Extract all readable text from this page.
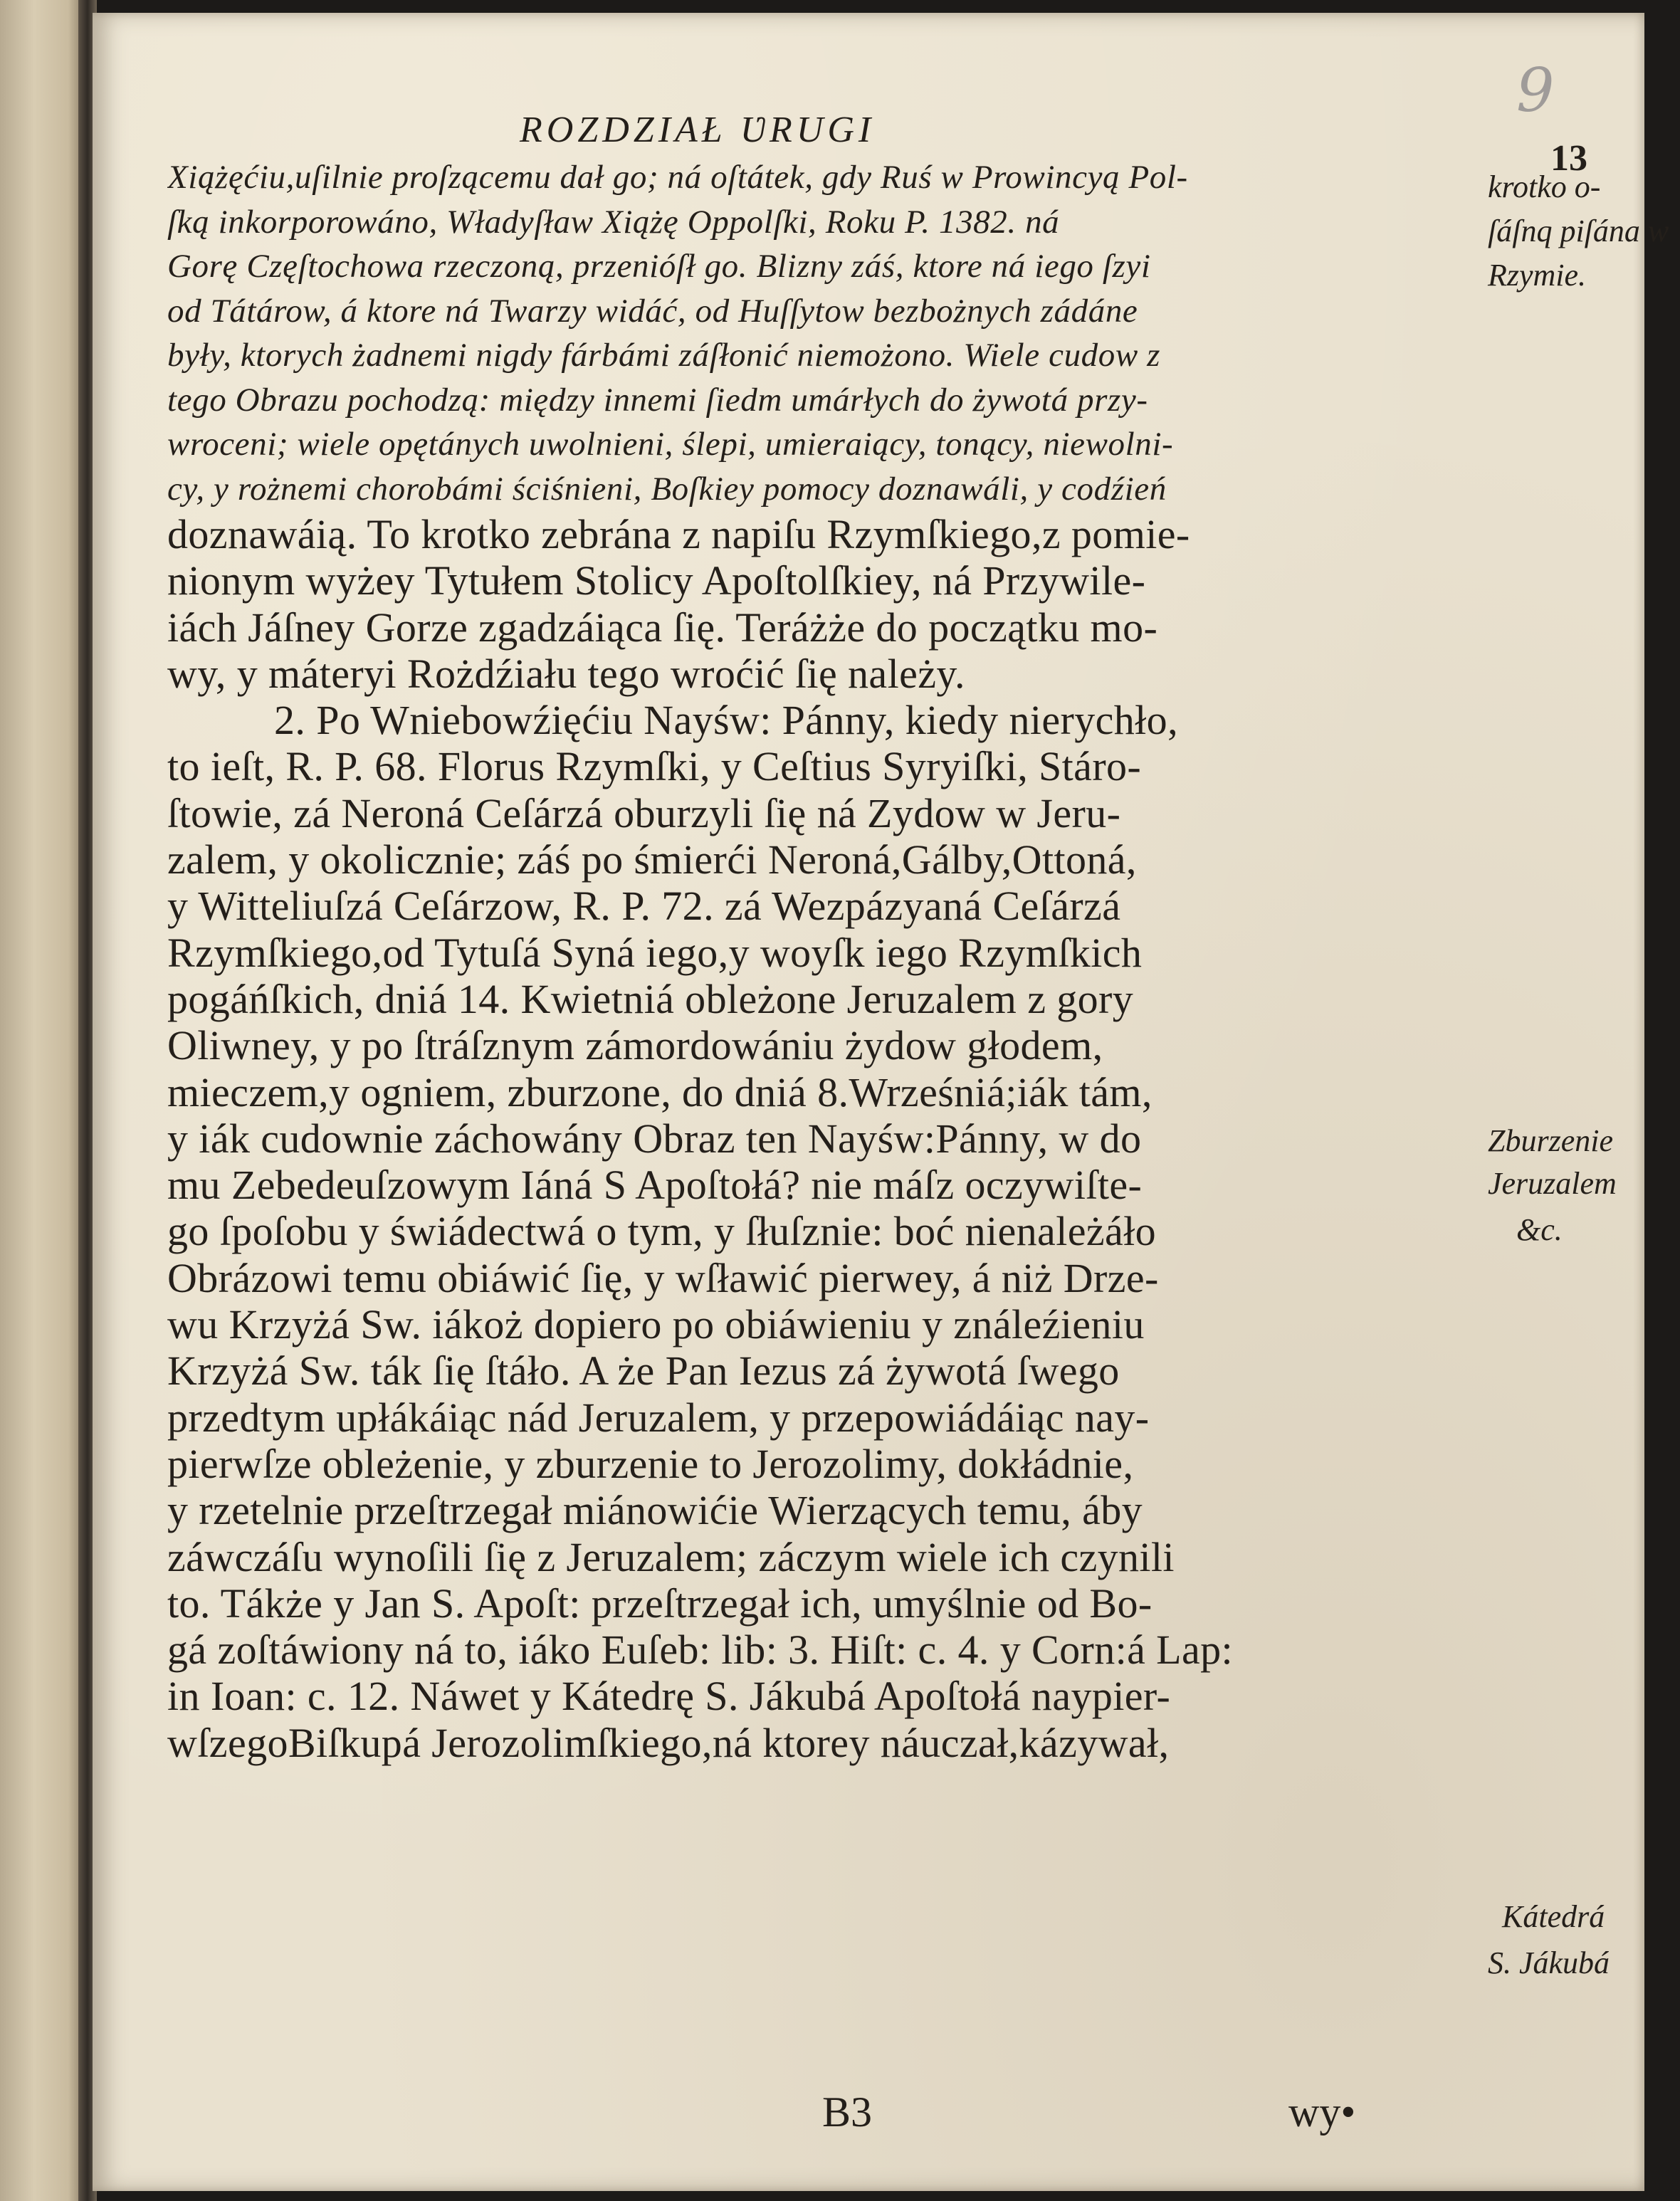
9
ROZDZIAŁ ƲRUGI
13
Xiążęćiu,uſilnie proſzącemu dał go; ná oſtátek, gdy Ruś w Prowincyą Pol-
ſką inkorporowáno, Władyſław Xiążę Oppolſki, Roku P. 1382. ná
Gorę Częſtochowa rzeczoną, przenióſł go. Blizny záś, ktore ná iego ſzyi
od Tátárow, á ktore ná Twarzy widáć, od Huſſytow bezbożnych zádáne
były, ktorych żadnemi nigdy fárbámi záſłonić niemożono. Wiele cudow z
tego Obrazu pochodzą: między innemi ſiedm umárłych do żywotá przy-
wroceni; wiele opętánych uwolnieni, ślepi, umieraiący, tonący, niewolni-
cy, y rożnemi chorobámi ściśnieni, Boſkiey pomocy doznawáli, y codźień
doznawáią. To krotko zebrána z napiſu Rzymſkiego,z pomie-
nionym wyżey Tytułem Stolicy Apoſtolſkiey, ná Przywile-
iách Jáſney Gorze zgadzáiąca ſię. Teráżże do początku mo-
wy, y máteryi Rożdźiału tego wroćić ſię należy.
2. Po Wniebowźięćiu Nayśw: Pánny, kiedy nierychło,
to ieſt, R. P. 68. Florus Rzymſki, y Ceſtius Syryiſki, Stáro-
ſtowie, zá Neroná Ceſárzá oburzyli ſię ná Zydow w Jeru-
zalem, y okolicznie; záś po śmierći Neroná,Gálby,Ottoná,
y Witteliuſzá Ceſárzow, R. P. 72. zá Wezpázyaná Ceſárzá
Rzymſkiego,od Tytuſá Syná iego,y woyſk iego Rzymſkich
pogáńſkich, dniá 14. Kwietniá obleżone Jeruzalem z gory
Oliwney, y po ſtráſznym zámordowániu żydow głodem,
mieczem,y ogniem, zburzone, do dniá 8.Wrześniá;iák tám,
y iák cudownie záchowány Obraz ten Nayśw:Pánny, w do
mu Zebedeuſzowym Iáná S Apoſtołá? nie máſz oczywiſte-
go ſpoſobu y świádectwá o tym, y ſłuſznie: boć nienależáło
Obrázowi temu obiáwić ſię, y wſławić pierwey, á niż Drze-
wu Krzyżá Sw. iákoż dopiero po obiáwieniu y ználeźieniu
Krzyżá Sw. ták ſię ſtáło. A że Pan Iezus zá żywotá ſwego
przedtym upłákáiąc nád Jeruzalem, y przepowiádáiąc nay-
pierwſze obleżenie, y zburzenie to Jerozolimy, dokłádnie,
y rzetelnie przeſtrzegał miánowićie Wierzących temu, áby
záwczáſu wynoſili ſię z Jeruzalem; záczym wiele ich czynili
to. Tákże y Jan S. Apoſt: przeſtrzegał ich, umyślnie od Bo-
gá zoſtáwiony ná to, iáko Euſeb: lib: 3. Hiſt: c. 4. y Corn:á Lap:
in Ioan: c. 12. Náwet y Kátedrę S. Jákubá Apoſtołá naypier-
wſzegoBiſkupá Jerozolimſkiego,ná ktorey náuczał,kázywał,
krotko o-
ſáſnq piſána w
Rzymie.
Zburzenie
Jeruzalem
&c.
Kátedrá
S. Jákubá
B3	wy•
